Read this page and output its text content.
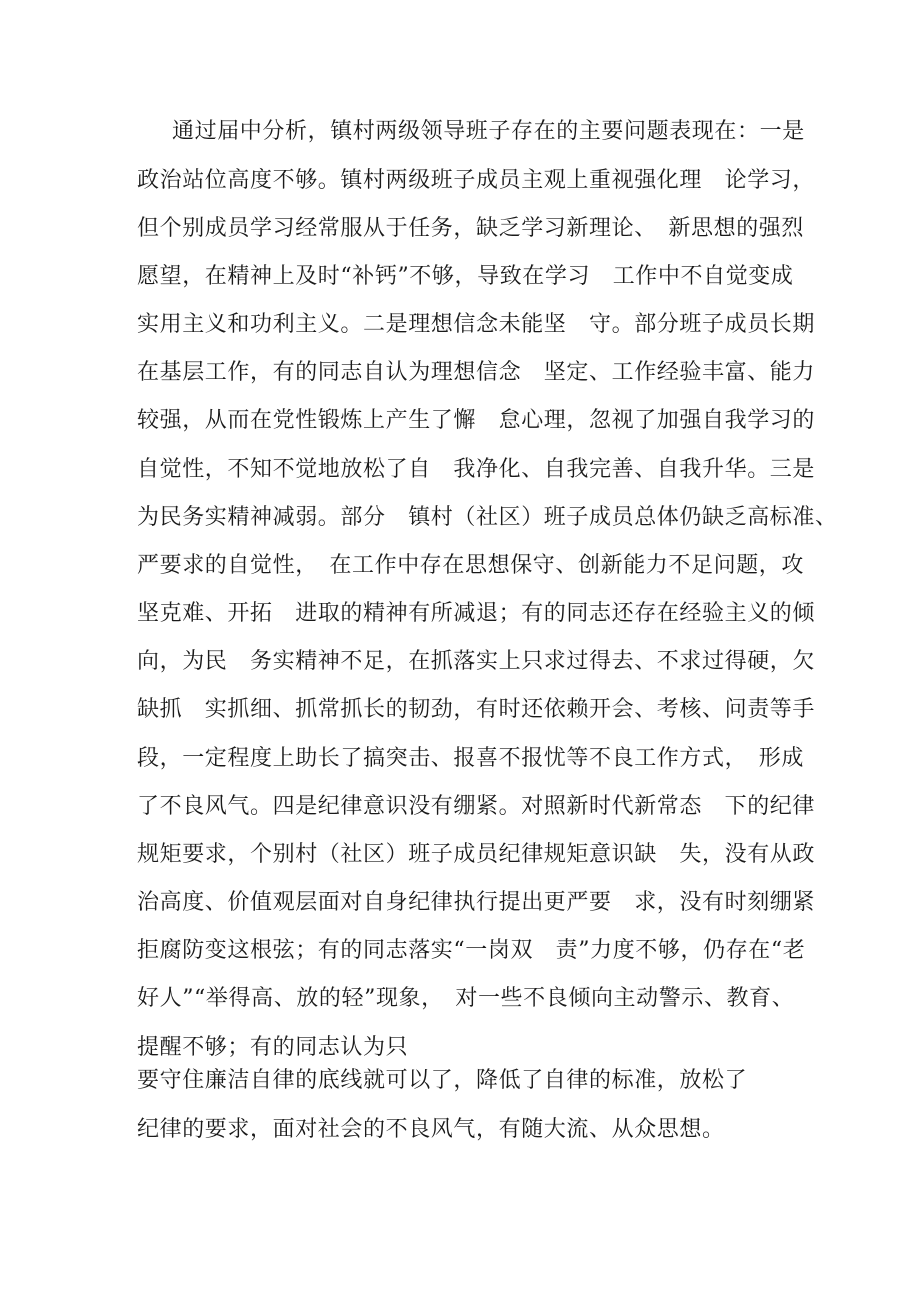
通过届中分析，镇村两级领导班子存在的主要问题表现在：一是
政治站位高度不够。镇村两级班子成员主观上重视强化理　论学习，
但个别成员学习经常服从于任务，缺乏学习新理论、　新思想的强烈
愿望，在精神上及时“补钙”不够，导致在学习　工作中不自觉变成
实用主义和功利主义。二是理想信念未能坚　守。部分班子成员长期
在基层工作，有的同志自认为理想信念　坚定、工作经验丰富、能力
较强，从而在党性锻炼上产生了懈　怠心理，忽视了加强自我学习的
自觉性，不知不觉地放松了自　我净化、自我完善、自我升华。三是
为民务实精神减弱。部分　镇村（社区）班子成员总体仍缺乏高标准、
严要求的自觉性，　在工作中存在思想保守、创新能力不足问题，攻
坚克难、开拓　进取的精神有所减退；有的同志还存在经验主义的倾
向，为民　务实精神不足，在抓落实上只求过得去、不求过得硬，欠
缺抓　实抓细、抓常抓长的韧劲，有时还依赖开会、考核、问责等手
段，一定程度上助长了搞突击、报喜不报忧等不良工作方式，　形成
了不良风气。四是纪律意识没有绷紧。对照新时代新常态　下的纪律
规矩要求，个别村（社区）班子成员纪律规矩意识缺　失，没有从政
治高度、价值观层面对自身纪律执行提出更严要　求，没有时刻绷紧
拒腐防变这根弦；有的同志落实“一岗双　责”力度不够，仍存在“老
好人”“举得高、放的轻”现象，　对一些不良倾向主动警示、教育、
提醒不够；有的同志认为只
要守住廉洁自律的底线就可以了，降低了自律的标准，放松了
纪律的要求，面对社会的不良风气，有随大流、从众思想。
